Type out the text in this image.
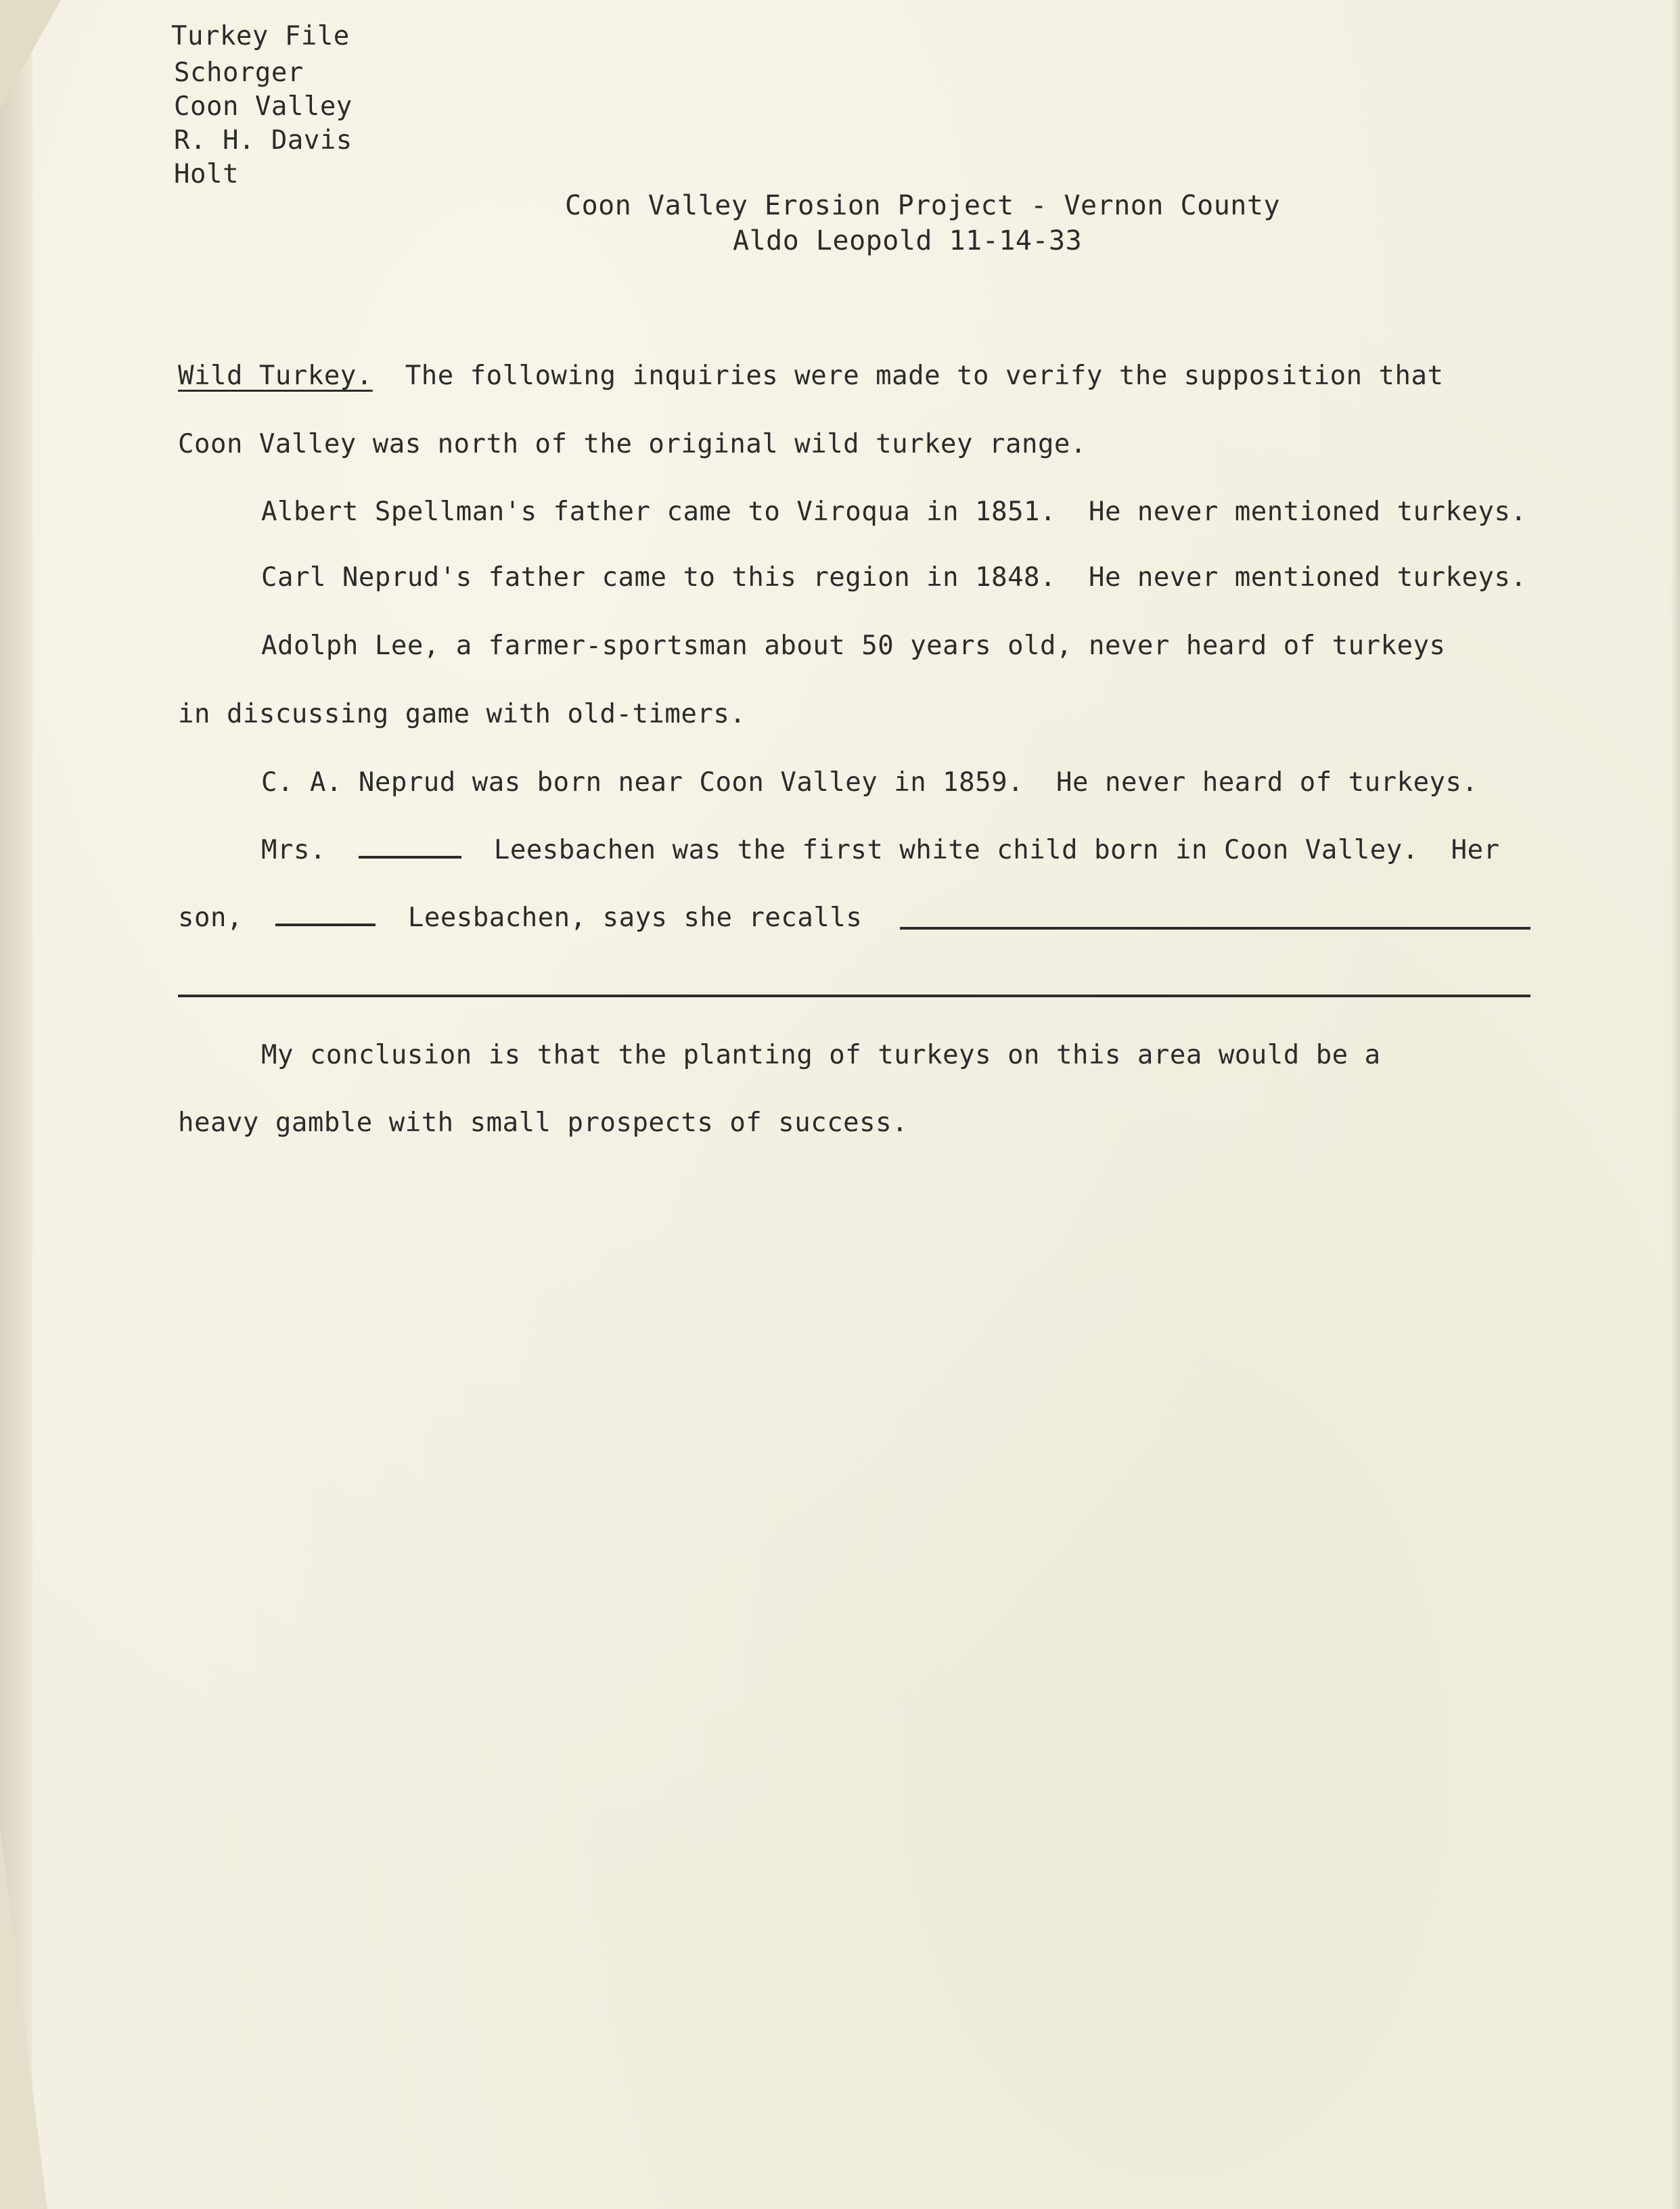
Turkey File
Schorger
Coon Valley
R. H. Davis
Holt
Coon Valley Erosion Project - Vernon County
Aldo Leopold 11-14-33
Wild Turkey. The following inquiries were made to verify the supposition that
Coon Valley was north of the original wild turkey range.
Albert Spellman's father came to Viroqua in 1851.  He never mentioned turkeys.
Carl Neprud's father came to this region in 1848.  He never mentioned turkeys.
Adolph Lee, a farmer-sportsman about 50 years old, never heard of turkeys
in discussing game with old-timers.
C. A. Neprud was born near Coon Valley in 1859.  He never heard of turkeys.
Mrs.	Leesbachen was the first white child born in Coon Valley.  Her
son,	Leesbachen, says she recalls
My conclusion is that the planting of turkeys on this area would be a
heavy gamble with small prospects of success.
